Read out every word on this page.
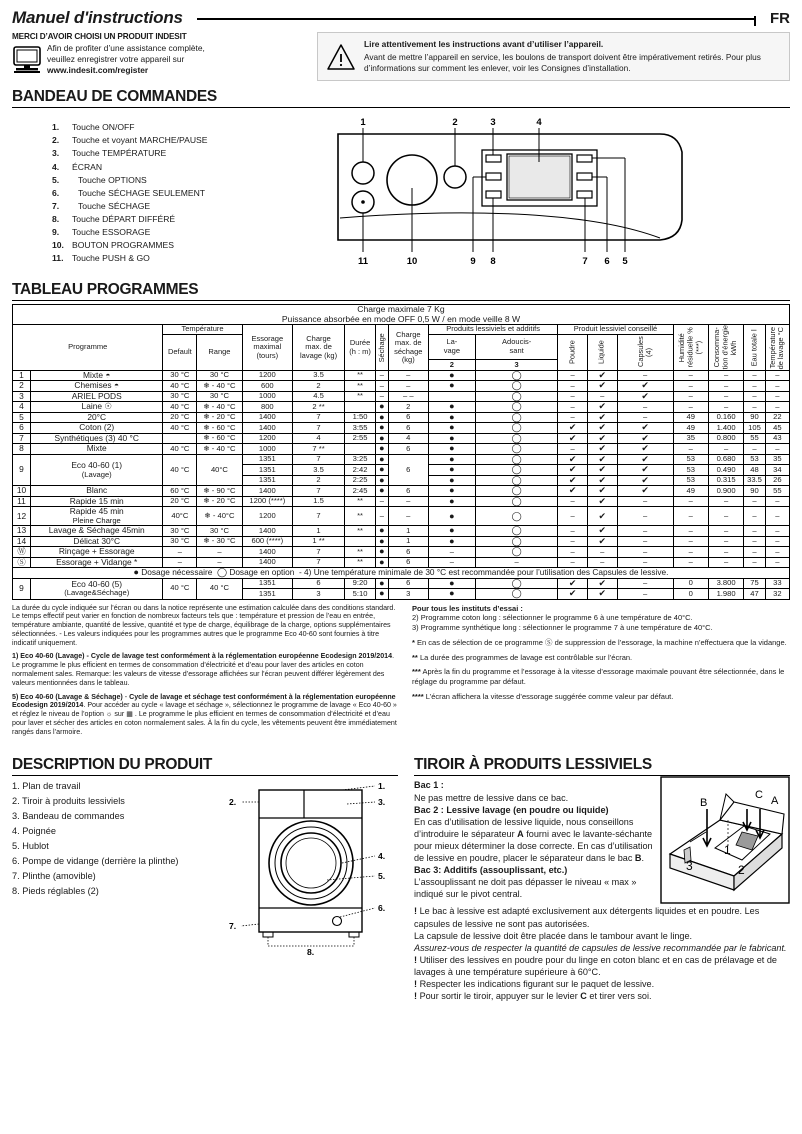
Manuel d'instructions	FR
MERCI D’AVOIR CHOISI UN PRODUIT INDESIT
Afin de profiter d’une assistance complète,
veuillez enregistrer votre appareil sur
www.indesit.com/register
Lire attentivement les instructions avant d’utiliser l’appareil.
Avant de mettre l’appareil en service, les boulons de transport doivent être impérativement retirés. Pour plus d’informations sur comment les enlever, voir les Consignes d’installation.
BANDEAU DE COMMANDES
1.	Touche ON/OFF
2.	Touche et voyant MARCHE/PAUSE
3.	Touche TEMPÉRATURE
4.	ÉCRAN
5.	Touche OPTIONS
6.	Touche SÉCHAGE SEULEMENT
7.	Touche SÉCHAGE
8.	Touche DÉPART DIFFÉRÉ
9.	Touche ESSORAGE
10. BOUTON PROGRAMMES
11. Touche PUSH & GO
1	2	3	4
11	10	9 8	7 6 5
TABLEAU PROGRAMMES
Charge maximale 7 Kg																	
Puissance absorbée en mode OFF 0,5 W / en mode veille 8 W																	
Programme		Température		Essorage
maximal
(tours)	Charge
max. de
lavage (kg)	Durée
(h : m)	Séchage	Charge
max. de
séchage
(kg)	Produits lessiviels et additifs		Produit lessiviel conseillé			Humidité
résiduelle %
(***)	Consomma-
tion d’énergie
kWh	Eau totale l	Température
de lavage °C
		Default	Range						La-
vage	Adoucis-
sant	Poudre	Liquide	Capsules
(4)				
									2	3							
1	Mixte ◓	30 °C	30 °C	1200	3.5	**	–	–	●	◯	–	✔	–	–	–	–	–
2	Chemises ◓	40 °C	❄ - 40 °C	600	2	**	–	–	●	◯	–	✔	✔	–	–	–	–
3	ARIEL PODS	30 °C	30 °C	1000	4.5	**	–	– –		◯	–	–	✔	–	–	–	–
4	Laine ☉	40 °C	❄ - 40 °C	800	2 **		●	2	●	◯	–	✔	–	–	–	–	–
5	20°C	20 °C	❄ - 20 °C	1400	7	1:50	●	6	●	◯	–	✔	–	49	0.160	90	22
6	Coton (2)	40 °C	❄ - 60 °C	1400	7	3:55	●	6	●	◯	✔	✔	✔	49	1.400	105	45
7	Synthétiques (3) 40 °C		❄ - 60 °C	1200	4	2:55	●	4	●	◯	✔	✔	✔	35	0.800	55	43
8	Mixte	40 °C	❄ - 40 °C	1000	7 **		●	6	●	◯	–	✔	✔	–	–	–	–
9	Eco 40-60 (1)
(Lavage)	40 °C	40°C	1351	7	3:25	●	6	●	◯	✔	✔	✔	53	0.680	53	35
				1351	3.5	2:42	●		●	◯	✔	✔	✔	53	0.490	48	34
				1351	2	2:25	●		●	◯	✔	✔	✔	53	0.315	33.5	26
10	Blanc	60 °C	❄ - 90 °C	1400	7	2:45	●	6	●	◯	✔	✔	✔	49	0.900	90	55
11	Rapide 15 min	20 °C	❄ - 20 °C	1200 (****)	1.5	**	–	–	●	◯	–	✔	–	–	–	–	–
12	Rapide 45 min
Pleine Charge	40°C	❄ - 40°C	1200	7	**	–	–	●	◯	–	✔	–	–	–	–	–
13	Lavage & Séchage 45min	30 °C	30 °C	1400	1	**	●	1	●	◯	–	✔	–	–	–	–	–
14	Délicat 30°C	30 °C	❄ - 30 °C	600 (****)	1 **		●	1	●	◯	–	✔	–	–	–	–	–
Ⓦ	Rinçage + Essorage	–	–	1400	7	**	●	6	–	◯	–	–	–	–	–	–	–
Ⓢ	Essorage + Vidange *	–	–	1400	7	**	●	6	–	–	–	–	–	–	–	–	–
● Dosage nécessaire  ◯ Dosage en option  - 4) Une température minimale de 30 °C est recommandée pour l’utilisation des Capsules de lessive.																	
9	Eco 40-60 (5)
(Lavage&Séchage)	40 °C	40 °C	1351	6	9:20	●	6	●	◯	✔	✔	–	0	3.800	75	33
				1351	3	5:10	●	3	●	◯	✔	✔	–	0	1.980	47	32

La durée du cycle indiquée sur l’écran ou dans la notice représente une estimation calculée dans des conditions standard. Le temps effectif peut varier en fonction de nombreux facteurs tels que : température et pression de l’eau en entrée, température ambiante, quantité de lessive, quantité et type de charge, équilibrage de la charge, options supplémentaires sélectionnées. - Les valeurs indiquées pour les programmes autres que le programme Eco 40-60 sont fournies à titre indicatif uniquement.

1) Eco 40-60 (Lavage) - Cycle de lavage test conformément à la réglementation européenne Ecodesign 2019/2014. Le programme le plus efficient en termes de consommation d’électricité et d’eau pour laver des articles en coton normalement sales. Remarque: les valeurs de vitesse d’essorage affichées sur l’écran peuvent différer légèrement des valeurs mentionnées dans le tableau.

5) Eco 40-60 (Lavage & Séchage) - Cycle de lavage et séchage test conformément à la réglementation européenne Ecodesign 2019/2014. Pour accéder au cycle « lavage et séchage », sélectionnez le programme de lavage « Eco 40-60 » et réglez le niveau de l’option ☼ sur ▦ . Le programme le plus efficient en termes de consommation d’électricité et d’eau pour laver et sécher des articles en coton normalement sales. À la fin du cycle, les vêtements peuvent être immédiatement rangés dans l’armoire.

Pour tous les instituts d’essai :
2) Programme coton long : sélectionner le programme 6 à une température de 40°C.
3) Programme synthétique long : sélectionner le programme 7 à une température de 40°C.

* En cas de sélection de ce programme Ⓢ de suppression de l’essorage, la machine n’effectuera que la vidange.

** La durée des programmes de lavage est contrôlable sur l’écran.

*** Après la fin du programme et l’essorage à la vitesse d’essorage maximale pouvant être sélectionnée, dans le réglage du programme par défaut.

**** L’écran affichera la vitesse d’essorage suggérée comme valeur par défaut.

DESCRIPTION DU PRODUIT
1. Plan de travail
2. Tiroir à produits lessiviels
3. Bandeau de commandes
4. Poignée
5. Hublot
6. Pompe de vidange (derrière la plinthe)
7. Plinthe (amovible)
8. Pieds réglables (2)
1.
2.	3.
4.
5.
6.
7.
8.
TIROIR À PRODUITS LESSIVIELS
Bac 1 :
Ne pas mettre de lessive dans ce bac.
Bac 2 : Lessive lavage (en poudre ou liquide)
En cas d’utilisation de lessive liquide, nous conseillons d’introduire le séparateur A fourni avec le lavante-séchante pour mieux déterminer la dose correcte. En cas d’utilisation de lessive en poudre, placer le séparateur dans le bac B.
Bac 3: Additifs (assouplissant, etc.)
L’assouplissant ne doit pas dépasser le niveau « max » indiqué sur le pivot central.
C
B	A
1
2
3
! Le bac à lessive est adapté exclusivement aux détergents liquides et en poudre. Les capsules de lessive ne sont pas autorisées.
La capsule de lessive doit être placée dans le tambour avant le linge.
Assurez-vous de respecter la quantité de capsules de lessive recommandée par le fabricant.
! Utiliser des lessives en poudre pour du linge en coton blanc et en cas de prélavage et de lavages à une température supérieure à 60°C.
! Respecter les indications figurant sur le paquet de lessive.
! Pour sortir le tiroir, appuyer sur le levier C et tirer vers soi.
